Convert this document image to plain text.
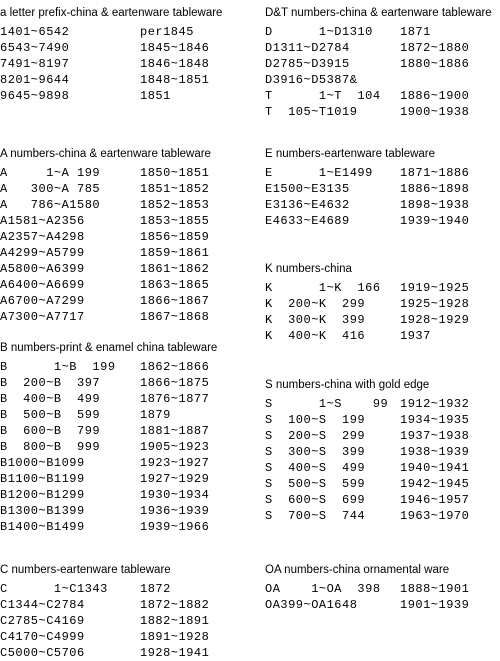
a letter prefix-china & eartenware tableware
1401~6542	per1845
6543~7490	1845~1846
7491~8197	1846~1848
8201~9644	1848~1851
9645~9898	1851
A numbers-china & eartenware tableware
A     1~A 199	1850~1851
A   300~A 785	1851~1852
A   786~A1580	1852~1853
A1581~A2356	1853~1855
A2357~A4298	1856~1859
A4299~A5799	1859~1861
A5800~A6399	1861~1862
A6400~A6699	1863~1865
A6700~A7299	1866~1867
A7300~A7717	1867~1868
B numbers-print & enamel china tableware
B      1~B  199	1862~1866
B  200~B  397	1866~1875
B  400~B  499	1876~1877
B  500~B  599	1879
B  600~B  799	1881~1887
B  800~B  999	1905~1923
B1000~B1099	1923~1927
B1100~B1199	1927~1929
B1200~B1299	1930~1934
B1300~B1399	1936~1939
B1400~B1499	1939~1966
C numbers-eartenware tableware
C      1~C1343	1872
C1344~C2784	1872~1882
C2785~C4169	1882~1891
C4170~C4999	1891~1928
C5000~C5706	1928~1941
D&T numbers-china & eartenware tableware
D      1~D1310	1871
D1311~D2784	1872~1880
D2785~D3915	1880~1886
D3916~D5387&
T      1~T  104	1886~1900
T  105~T1019	1900~1938
E numbers-eartenware tableware
E      1~E1499	1871~1886
E1500~E3135	1886~1898
E3136~E4632	1898~1938
E4633~E4689	1939~1940
K numbers-china
K      1~K  166	1919~1925
K  200~K  299	1925~1928
K  300~K  399	1928~1929
K  400~K  416	1937
S numbers-china with gold edge
S      1~S    99 1912~1932
S  100~S  199	1934~1935
S  200~S  299	1937~1938
S  300~S  399	1938~1939
S  400~S  499	1940~1941
S  500~S  599	1942~1945
S  600~S  699	1946~1957
S  700~S  744	1963~1970
OA numbers-china ornamental ware
OA    1~OA  398	1888~1901
OA399~OA1648	1901~1939
